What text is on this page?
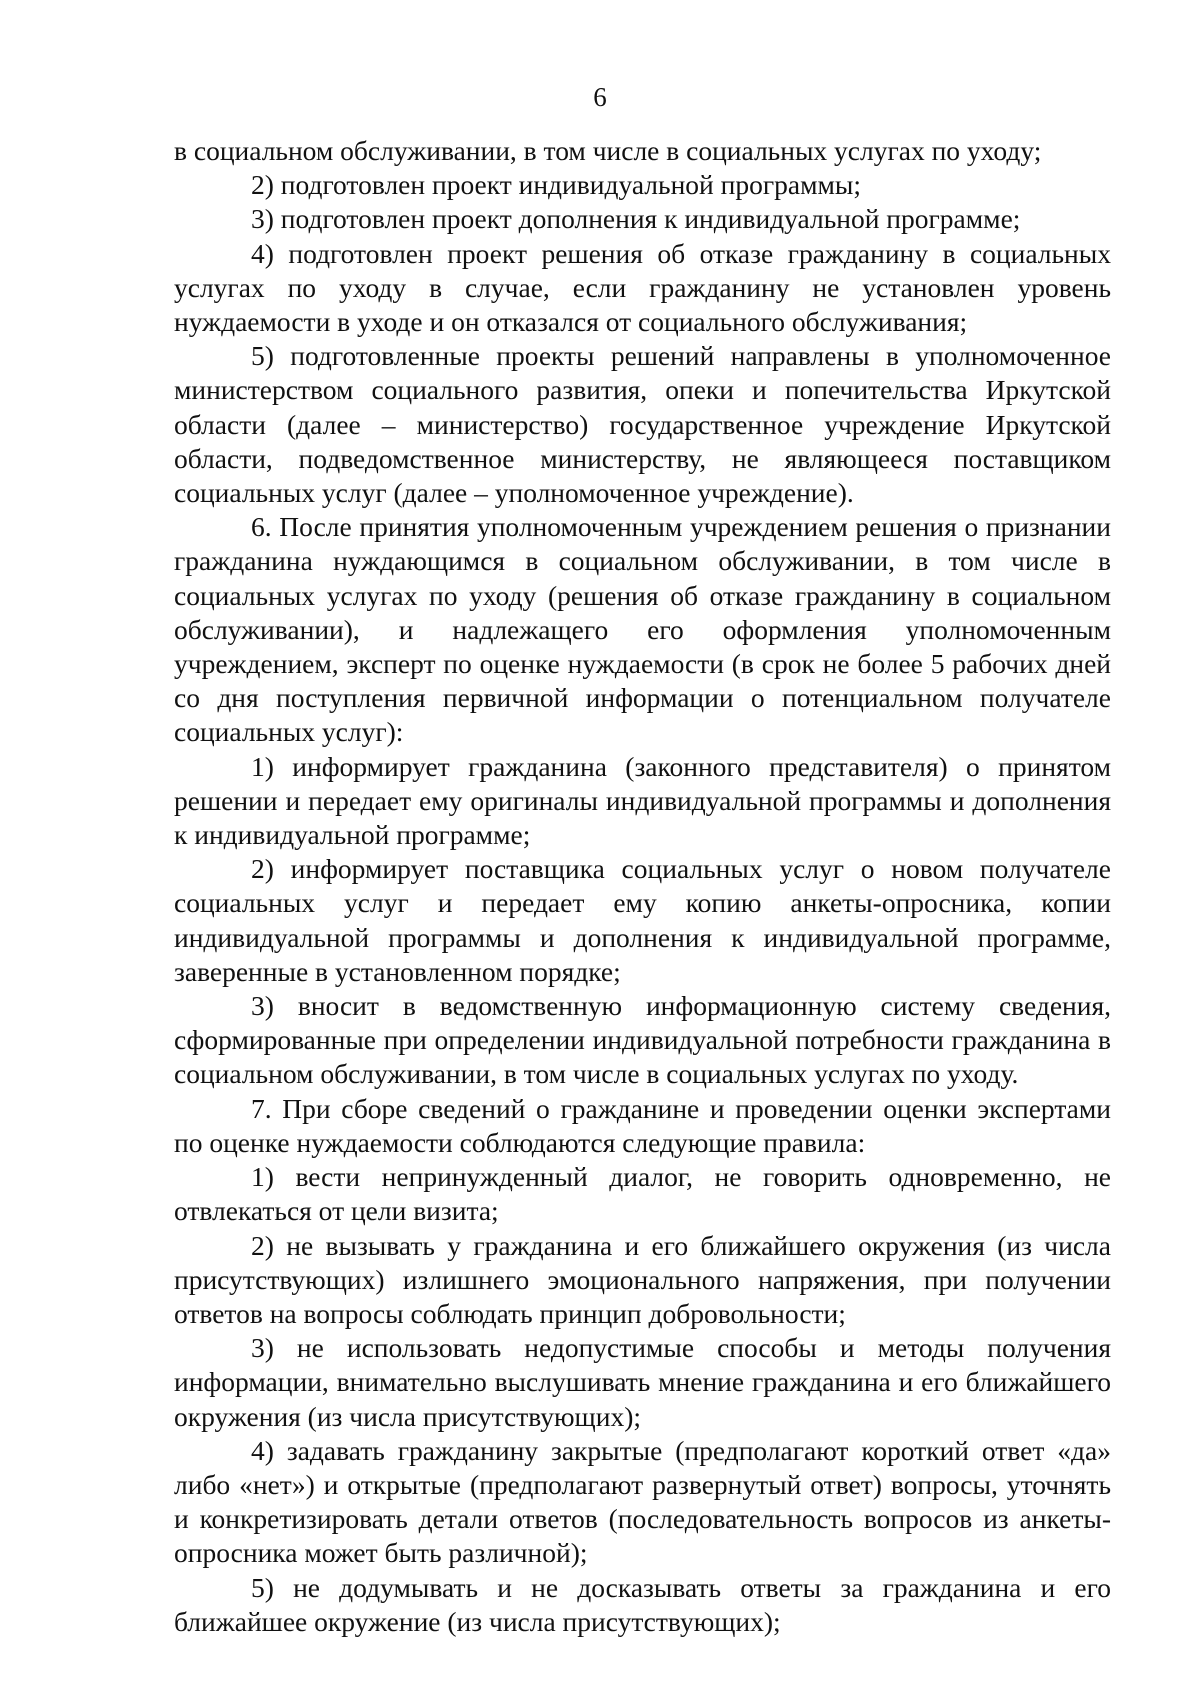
6

в социальном обслуживании, в том числе в социальных услугах по уходу;

2) подготовлен проект индивидуальной программы;

3) подготовлен проект дополнения к индивидуальной программе;

4) подготовлен проект решения об отказе гражданину в социальных услугах по уходу в случае, если гражданину не установлен уровень нуждаемости в уходе и он отказался от социального обслуживания;

5) подготовленные проекты решений направлены в уполномоченное министерством социального развития, опеки и попечительства Иркутской области (далее – министерство) государственное учреждение Иркутской области, подведомственное министерству, не являющееся поставщиком социальных услуг (далее – уполномоченное учреждение).

6. После принятия уполномоченным учреждением решения о признании гражданина нуждающимся в социальном обслуживании, в том числе в социальных услугах по уходу (решения об отказе гражданину в социальном обслуживании), и надлежащего его оформления уполномоченным учреждением, эксперт по оценке нуждаемости (в срок не более 5 рабочих дней со дня поступления первичной информации о потенциальном получателе социальных услуг):

1) информирует гражданина (законного представителя) о принятом решении и передает ему оригиналы индивидуальной программы и дополнения к индивидуальной программе;

2) информирует поставщика социальных услуг о новом получателе социальных услуг и передает ему копию анкеты-опросника, копии индивидуальной программы и дополнения к индивидуальной программе, заверенные в установленном порядке;

3) вносит в ведомственную информационную систему сведения, сформированные при определении индивидуальной потребности гражданина в социальном обслуживании, в том числе в социальных услугах по уходу.

7. При сборе сведений о гражданине и проведении оценки экспертами по оценке нуждаемости соблюдаются следующие правила:

1) вести непринужденный диалог, не говорить одновременно, не отвлекаться от цели визита;

2) не вызывать у гражданина и его ближайшего окружения (из числа присутствующих) излишнего эмоционального напряжения, при получении ответов на вопросы соблюдать принцип добровольности;

3) не использовать недопустимые способы и методы получения информации, внимательно выслушивать мнение гражданина и его ближайшего окружения (из числа присутствующих);

4) задавать гражданину закрытые (предполагают короткий ответ «да» либо «нет») и открытые (предполагают развернутый ответ) вопросы, уточнять и конкретизировать детали ответов (последовательность вопросов из анкеты-опросника может быть различной);

5) не додумывать и не досказывать ответы за гражданина и его ближайшее окружение (из числа присутствующих);
